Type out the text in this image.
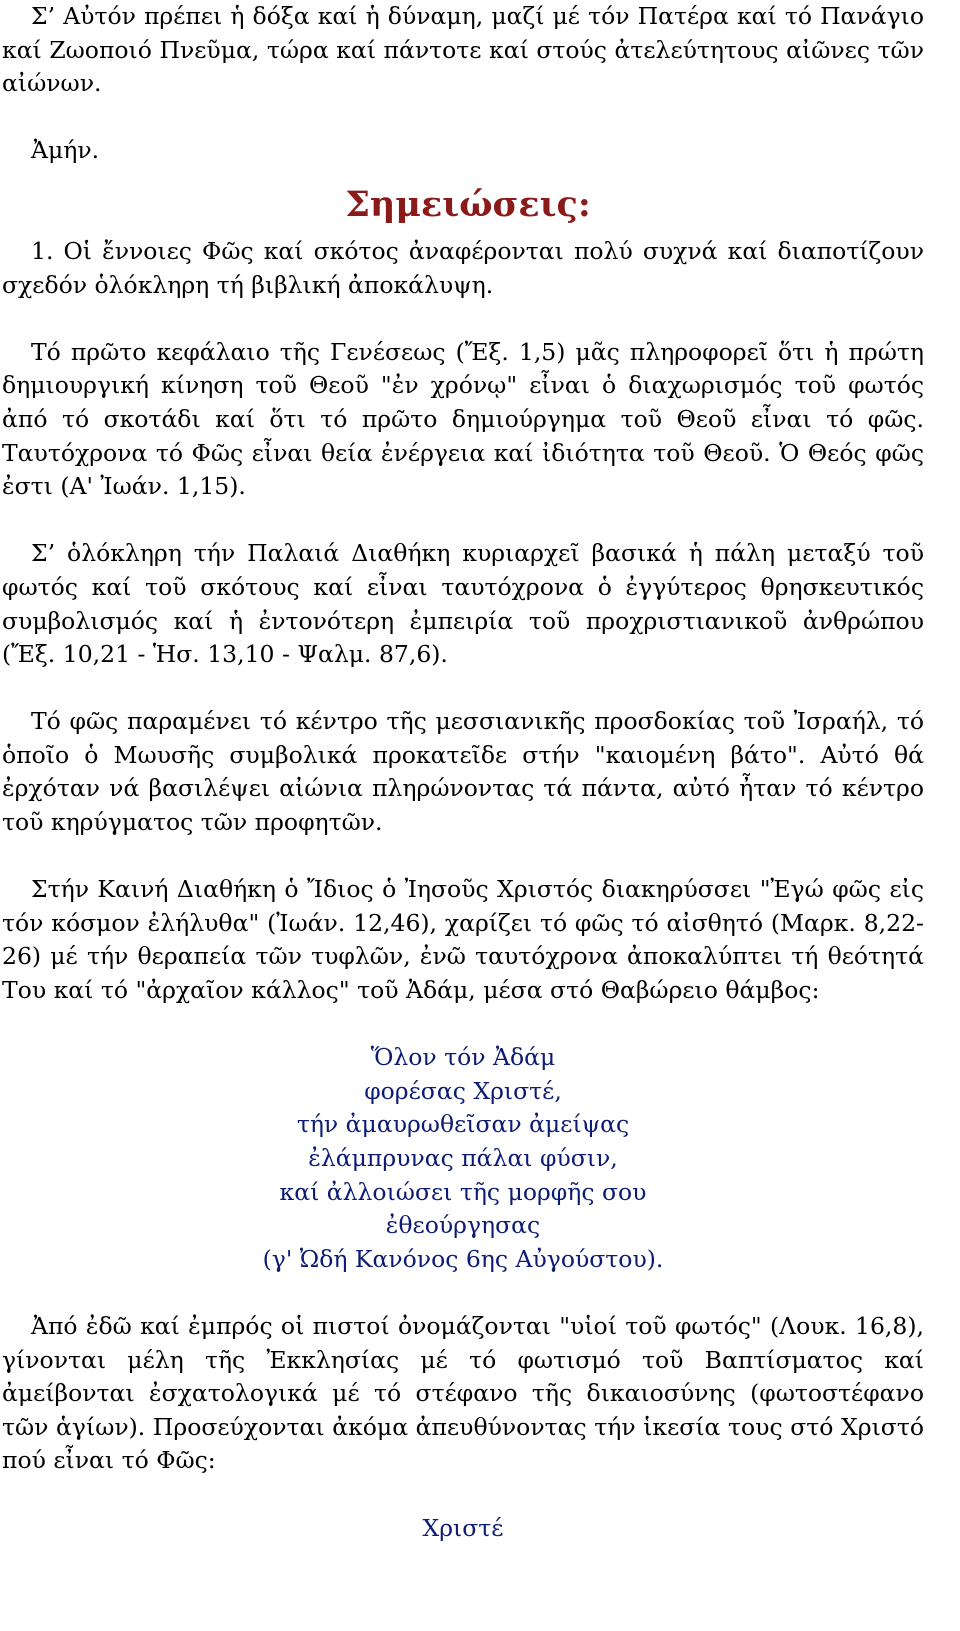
Σ’ Αὐτόν πρέπει ἡ δόξα καί ἡ δύναμη, μαζί μέ τόν Πατέρα καί τό Πανάγιο καί Ζωοποιό Πνεῦμα, τώρα καί πάντοτε καί στούς ἀτελεύτητους αἰῶνες τῶν αἰώνων.

Ἀμήν.

Σημειώσεις:

1. Οἱ ἔννοιες Φῶς καί σκότος ἀναφέρονται πολύ συχνά καί διαποτίζουν σχεδόν ὁλόκληρη τή βιβλική ἀποκάλυψη.

Τό πρῶτο κεφάλαιο τῆς Γενέσεως (Ἔξ. 1,5) μᾶς πληροφορεῖ ὅτι ἡ πρώτη δημιουργική κίνηση τοῦ Θεοῦ "ἐν χρόνῳ" εἶναι ὁ διαχωρισμός τοῦ φωτός ἀπό τό σκοτάδι καί ὅτι τό πρῶτο δημιούργημα τοῦ Θεοῦ εἶναι τό φῶς. Ταυτόχρονα τό Φῶς εἶναι θεία ἐνέργεια καί ἰδιότητα τοῦ Θεοῦ. Ὁ Θεός φῶς ἐστι (Α' Ἰωάν. 1,15).

Σ’ ὁλόκληρη τήν Παλαιά Διαθήκη κυριαρχεῖ βασικά ἡ πάλη μεταξύ τοῦ φωτός καί τοῦ σκότους καί εἶναι ταυτόχρονα ὁ ἐγγύτερος θρησκευτικός συμβολισμός καί ἡ ἐντονότερη ἐμπειρία τοῦ προχριστιανικοῦ ἀνθρώπου (Ἔξ. 10,21 - Ἡσ. 13,10 - Ψαλμ. 87,6).

Τό φῶς παραμένει τό κέντρο τῆς μεσσιανικῆς προσδοκίας τοῦ Ἰσραήλ, τό ὁποῖο ὁ Μωυσῆς συμβολικά προκατεῖδε στήν "καιομένη βάτο". Αὐτό θά ἐρχόταν νά βασιλέψει αἰώνια πληρώνοντας τά πάντα, αὐτό ἦταν τό κέντρο τοῦ κηρύγματος τῶν προφητῶν.

Στήν Καινή Διαθήκη ὁ Ἴδιος ὁ Ἰησοῦς Χριστός διακηρύσσει "Ἐγώ φῶς εἰς τόν κόσμον ἐλήλυθα" (Ἰωάν. 12,46), χαρίζει τό φῶς τό αἰσθητό (Μαρκ. 8,22-26) μέ τήν θεραπεία τῶν τυφλῶν, ἐνῶ ταυτόχρονα ἀποκαλύπτει τή θεότητά Του καί τό "ἀρχαῖον κάλλος" τοῦ Ἀδάμ, μέσα στό Θαβώρειο θάμβος:

Ὅλον τόν Ἀδάμ
φορέσας Χριστέ,
τήν ἀμαυρωθεῖσαν ἀμείψας
ἐλάμπρυνας πάλαι φύσιν,
καί ἀλλοιώσει τῆς μορφῆς σου
ἐθεούργησας
(γ' Ὠδή Κανόνος 6ης Αὐγούστου).

Ἀπό ἐδῶ καί ἐμπρός οἱ πιστοί ὀνομάζονται "υἱοί τοῦ φωτός" (Λουκ. 16,8), γίνονται μέλη τῆς Ἐκκλησίας μέ τό φωτισμό τοῦ Βαπτίσματος καί ἀμείβονται ἐσχατολογικά μέ τό στέφανο τῆς δικαιοσύνης (φωτοστέφανο τῶν ἁγίων). Προσεύχονται ἀκόμα ἀπευθύνοντας τήν ἱκεσία τους στό Χριστό πού εἶναι τό Φῶς:

Χριστέ
